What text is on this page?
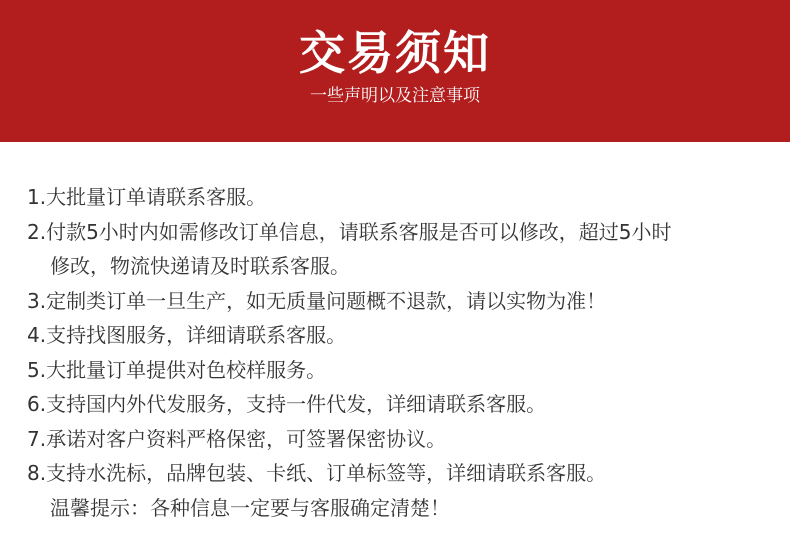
交易须知
一些声明以及注意事项
1.大批量订单请联系客服。
2.付款5小时内如需修改订单信息，请联系客服是否可以修改，超过5小时
修改，物流快递请及时联系客服。
3.定制类订单一旦生产，如无质量问题概不退款，请以实物为准！
4.支持找图服务，详细请联系客服。
5.大批量订单提供对色校样服务。
6.支持国内外代发服务，支持一件代发，详细请联系客服。
7.承诺对客户资料严格保密，可签署保密协议。
8.支持水洗标，品牌包装、卡纸、订单标签等，详细请联系客服。
温馨提示：各种信息一定要与客服确定清楚！
